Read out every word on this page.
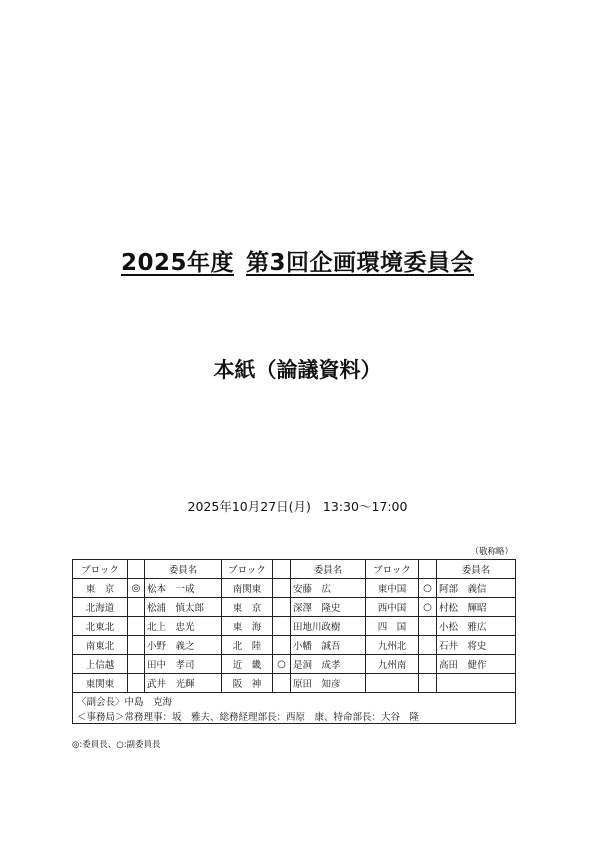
2025年度 第3回企画環境委員会
本紙（論議資料）
2025年10月27日(月) 13:30～17:00
（敬称略）
ブロック		委員名	ブロック		委員名	ブロック		委員名
東　京	◎	松本　一成	南関東		安藤　広	東中国	○	阿部　義信
北海道		松浦　慎太郎	東　京		深澤　隆史	西中国	○	村松　輝昭
北東北		北上　忠光	東　海		田地川政樹	四　国		小松　雅広
南東北		小野　義之	北　陸		小幡　誠吾	九州北		石井　将史
上信越		田中　孝司	近　畿	○	是洞　成孝	九州南		高田　健作
東関東		武井　光輝	阪　神		原田　知彦			
〈副会長〉中島　克海								
＜事務局＞常務理事：坂　雅夫、総務経理部長：西原　康、特命部長：大谷　隆								
◎:委員長、○:副委員長
